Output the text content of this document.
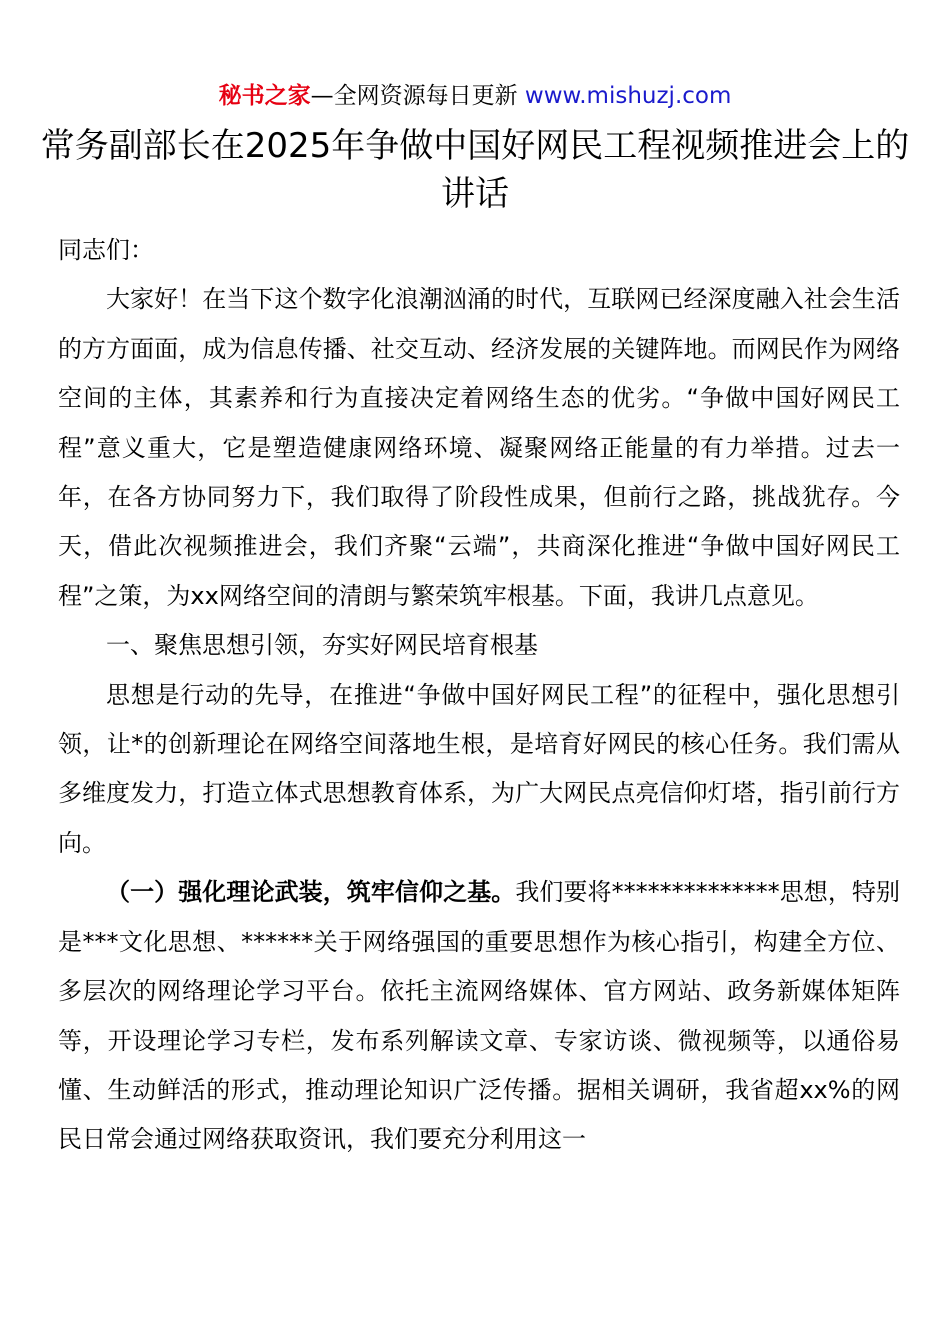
秘书之家—全网资源每日更新 www.mishuzj.com
常务副部长在2025年争做中国好网民工程视频推进会上的讲话

同志们：

大家好！在当下这个数字化浪潮汹涌的时代，互联网已经深度融入社会生活的方方面面，成为信息传播、社交互动、经济发展的关键阵地。而网民作为网络空间的主体，其素养和行为直接决定着网络生态的优劣。“争做中国好网民工程”意义重大，它是塑造健康网络环境、凝聚网络正能量的有力举措。过去一年，在各方协同努力下，我们取得了阶段性成果，但前行之路，挑战犹存。今天，借此次视频推进会，我们齐聚“云端”，共商深化推进“争做中国好网民工程”之策，为xx网络空间的清朗与繁荣筑牢根基。下面，我讲几点意见。

一、聚焦思想引领，夯实好网民培育根基

思想是行动的先导，在推进“争做中国好网民工程”的征程中，强化思想引领，让*的创新理论在网络空间落地生根，是培育好网民的核心任务。我们需从多维度发力，打造立体式思想教育体系，为广大网民点亮信仰灯塔，指引前行方向。

（一）强化理论武装，筑牢信仰之基。我们要将**************思想，特别是***文化思想、******关于网络强国的重要思想作为核心指引，构建全方位、多层次的网络理论学习平台。依托主流网络媒体、官方网站、政务新媒体矩阵等，开设理论学习专栏，发布系列解读文章、专家访谈、微视频等，以通俗易懂、生动鲜活的形式，推动理论知识广泛传播。据相关调研，我省超xx%的网民日常会通过网络获取资讯，我们要充分利用这一
